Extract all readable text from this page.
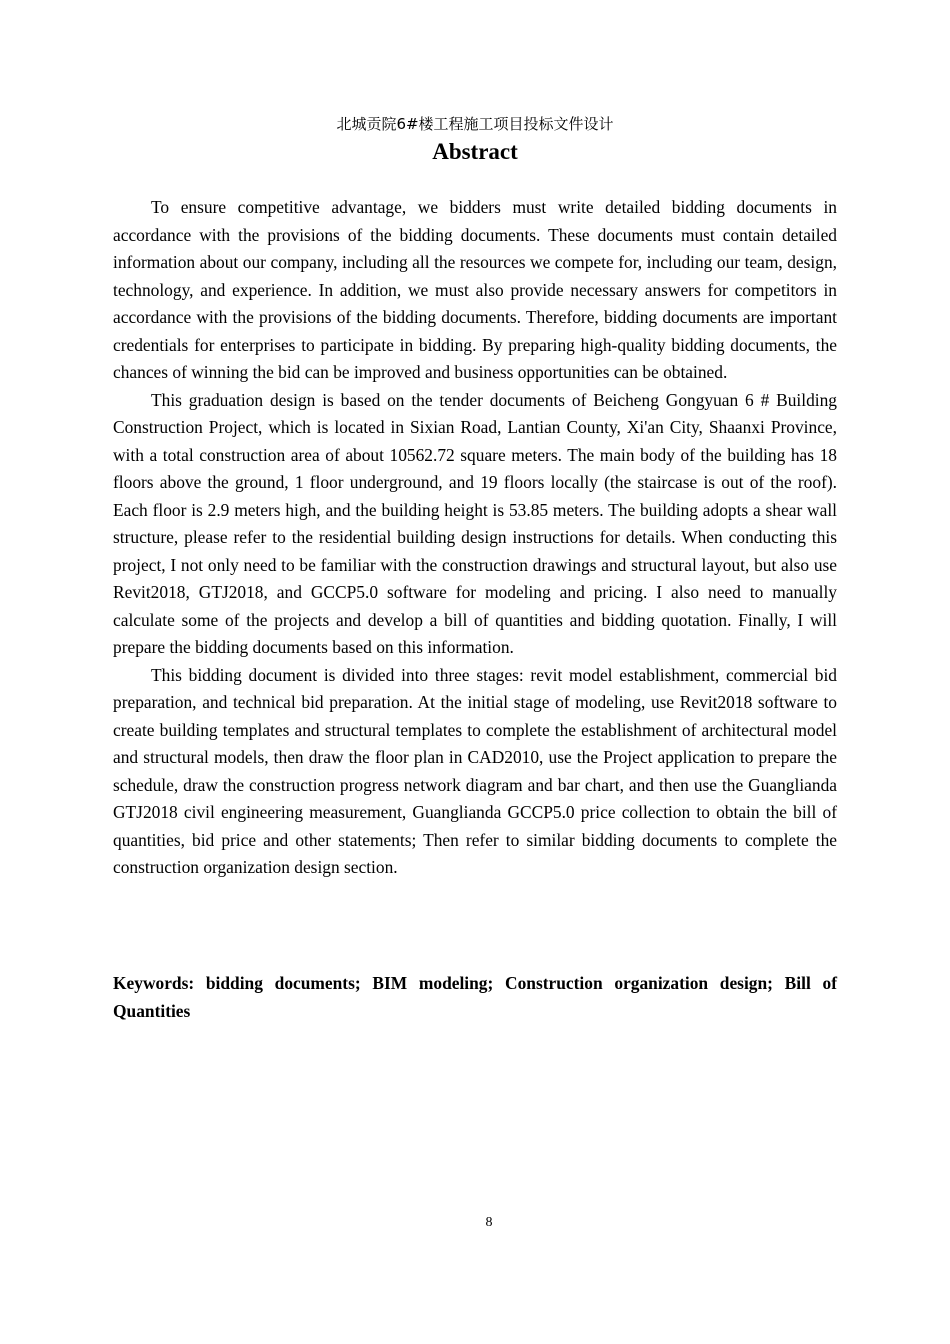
北城贡院6#楼工程施工项目投标文件设计
Abstract

To ensure competitive advantage, we bidders must write detailed bidding documents in accordance with the provisions of the bidding documents. These documents must contain detailed information about our company, including all the resources we compete for, including our team, design, technology, and experience. In addition, we must also provide necessary answers for competitors in accordance with the provisions of the bidding documents. Therefore, bidding documents are important credentials for enterprises to participate in bidding. By preparing high-quality bidding documents, the chances of winning the bid can be improved and business opportunities can be obtained.

This graduation design is based on the tender documents of Beicheng Gongyuan 6 # Building Construction Project, which is located in Sixian Road, Lantian County, Xi'an City, Shaanxi Province, with a total construction area of about 10562.72 square meters. The main body of the building has 18 floors above the ground, 1 floor underground, and 19 floors locally (the staircase is out of the roof). Each floor is 2.9 meters high, and the building height is 53.85 meters. The building adopts a shear wall structure, please refer to the residential building design instructions for details. When conducting this project, I not only need to be familiar with the construction drawings and structural layout, but also use Revit2018, GTJ2018, and GCCP5.0 software for modeling and pricing. I also need to manually calculate some of the projects and develop a bill of quantities and bidding quotation. Finally, I will prepare the bidding documents based on this information.

This bidding document is divided into three stages: revit model establishment, commercial bid preparation, and technical bid preparation. At the initial stage of modeling, use Revit2018 software to create building templates and structural templates to complete the establishment of architectural model and structural models, then draw the floor plan in CAD2010, use the Project application to prepare the schedule, draw the construction progress network diagram and bar chart, and then use the Guanglianda GTJ2018 civil engineering measurement, Guanglianda GCCP5.0 price collection to obtain the bill of quantities, bid price and other statements; Then refer to similar bidding documents to complete the construction organization design section.

Keywords: bidding documents; BIM modeling; Construction organization design; Bill of Quantities

8
